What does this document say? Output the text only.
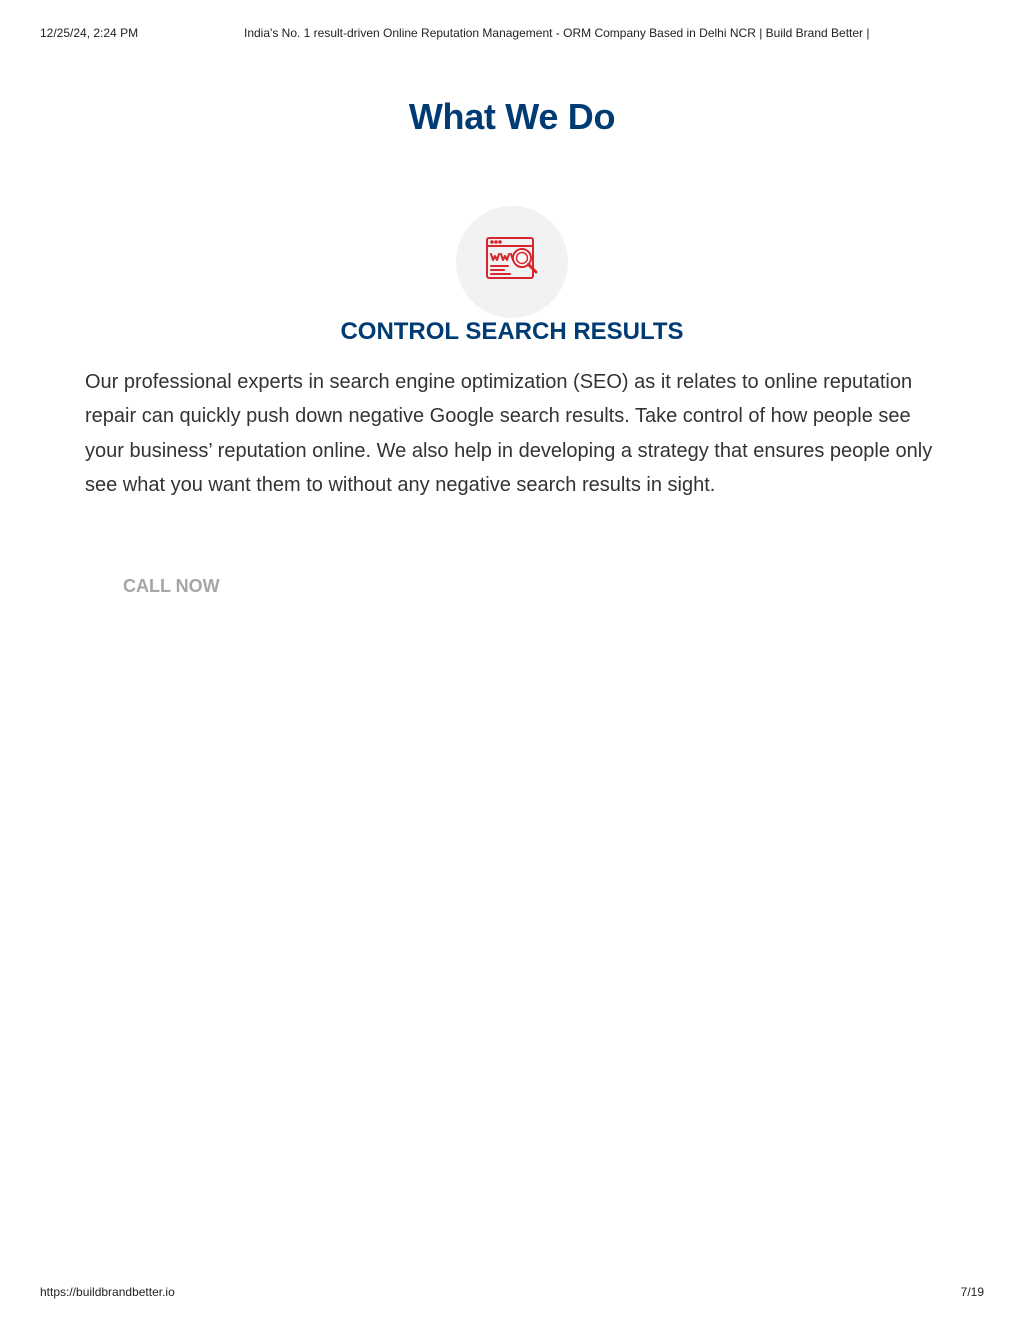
12/25/24, 2:24 PM	India's No. 1 result-driven Online Reputation Management - ORM Company Based in Delhi NCR | Build Brand Better |
What We Do
CONTROL SEARCH RESULTS

Our professional experts in search engine optimization (SEO) as it relates to online reputation repair can quickly push down negative Google search results. Take control of how people see your business’ reputation online. We also help in developing a strategy that ensures people only see what you want them to without any negative search results in sight.

CALL NOW
https://buildbrandbetter.io	7/19
